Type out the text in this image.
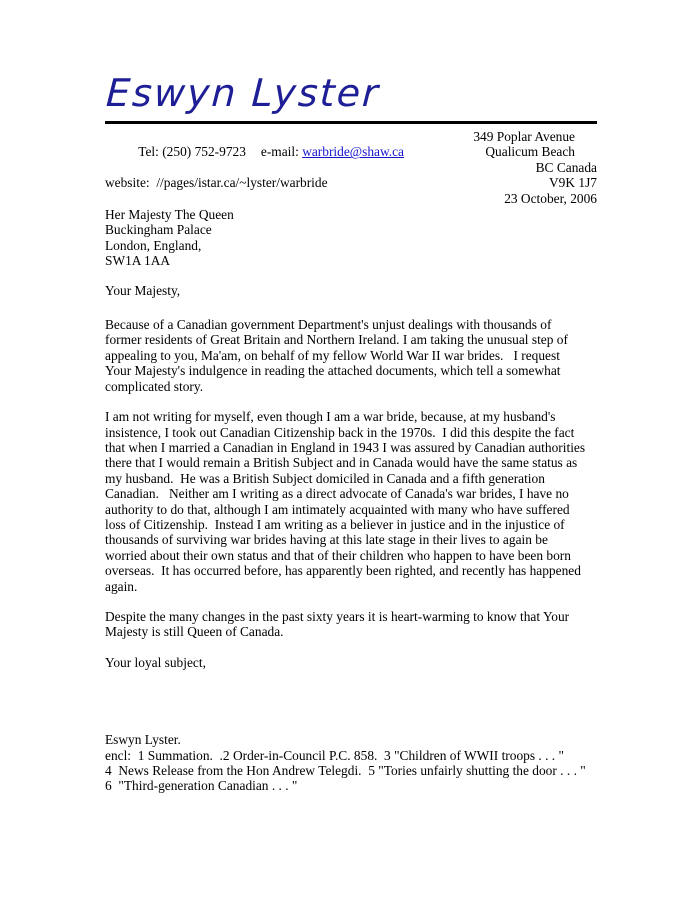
Eswyn Lyster

Tel: (250) 752-9723 e-mail: warbride@shaw.ca

website:  //pages/istar.ca/~lyster/warbride
349 Poplar Avenue
Qualicum Beach
BC Canada
V9K 1J7
23 October, 2006
Her Majesty The Queen
Buckingham Palace
London, England,
SW1A 1AA
Your Majesty,
Because of a Canadian government Department's unjust dealings with thousands of
former residents of Great Britain and Northern Ireland. I am taking the unusual step of
appealing to you, Ma'am, on behalf of my fellow World War II war brides.   I request
Your Majesty's indulgence in reading the attached documents, which tell a somewhat
complicated story.
I am not writing for myself, even though I am a war bride, because, at my husband's
insistence, I took out Canadian Citizenship back in the 1970s.  I did this despite the fact
that when I married a Canadian in England in 1943 I was assured by Canadian authorities
there that I would remain a British Subject and in Canada would have the same status as
my husband.  He was a British Subject domiciled in Canada and a fifth generation
Canadian.   Neither am I writing as a direct advocate of Canada's war brides, I have no
authority to do that, although I am intimately acquainted with many who have suffered
loss of Citizenship.  Instead I am writing as a believer in justice and in the injustice of
thousands of surviving war brides having at this late stage in their lives to again be
worried about their own status and that of their children who happen to have been born
overseas.  It has occurred before, has apparently been righted, and recently has happened
again.
Despite the many changes in the past sixty years it is heart-warming to know that Your
Majesty is still Queen of Canada.
Your loyal subject,
Eswyn Lyster.
encl:  1 Summation.  .2 Order-in-Council P.C. 858.  3 "Children of WWII troops . . . "
4  News Release from the Hon Andrew Telegdi.  5 "Tories unfairly shutting the door . . . "
6  "Third-generation Canadian . . . "
